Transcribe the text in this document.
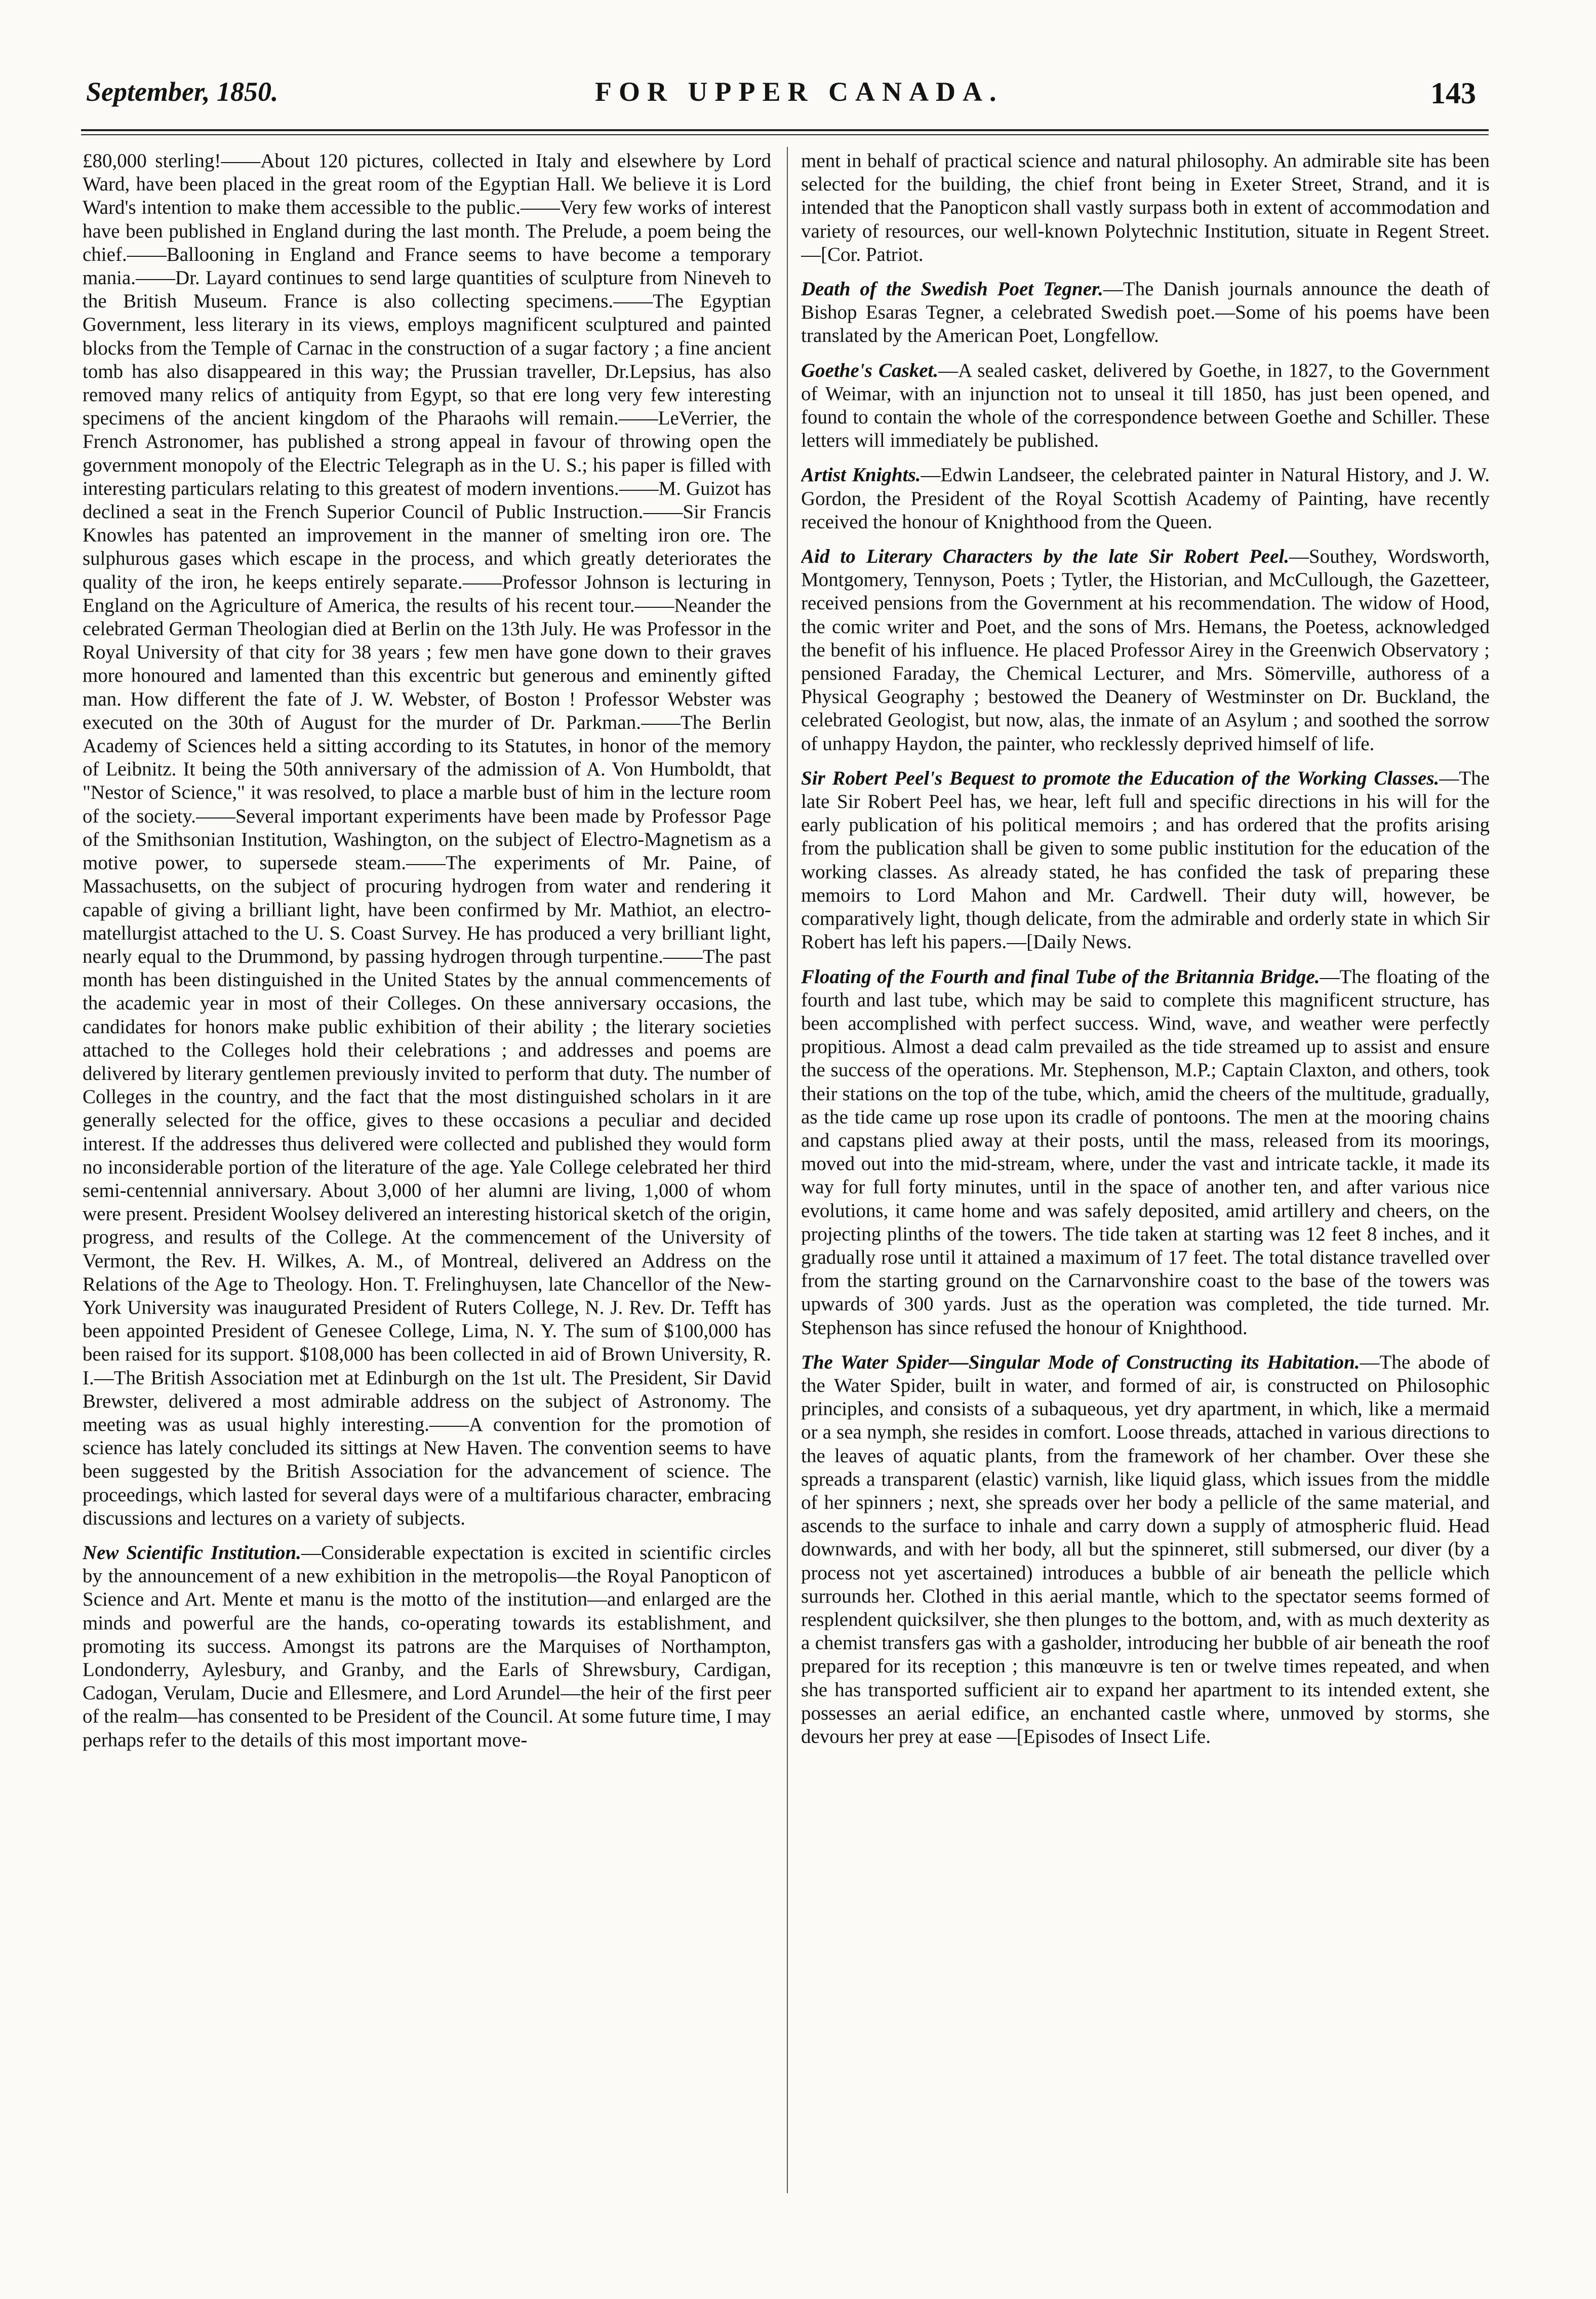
September, 1850.	FOR UPPER CANADA.	143

£80,000 sterling!——About 120 pictures, collected in Italy and elsewhere by Lord Ward, have been placed in the great room of the Egyptian Hall. We believe it is Lord Ward's intention to make them accessible to the public.——Very few works of interest have been published in England during the last month. The Prelude, a poem being the chief.——Ballooning in England and France seems to have become a temporary mania.——Dr. Layard continues to send large quantities of sculpture from Nineveh to the British Museum. France is also collecting specimens.——The Egyptian Government, less literary in its views, employs magnificent sculptured and painted blocks from the Temple of Carnac in the construction of a sugar factory ; a fine ancient tomb has also disappeared in this way; the Prussian traveller, Dr.Lepsius, has also removed many relics of antiquity from Egypt, so that ere long very few interesting specimens of the ancient kingdom of the Pharaohs will remain.——LeVerrier, the French Astronomer, has published a strong appeal in favour of throwing open the government monopoly of the Electric Telegraph as in the U. S.; his paper is filled with interesting particulars relating to this greatest of modern inventions.——M. Guizot has declined a seat in the French Superior Council of Public Instruction.——Sir Francis Knowles has patented an improvement in the manner of smelting iron ore. The sulphurous gases which escape in the process, and which greatly deteriorates the quality of the iron, he keeps entirely separate.——Professor Johnson is lecturing in England on the Agriculture of America, the results of his recent tour.——Neander the celebrated German Theologian died at Berlin on the 13th July. He was Professor in the Royal University of that city for 38 years ; few men have gone down to their graves more honoured and lamented than this excentric but generous and eminently gifted man. How different the fate of J. W. Webster, of Boston ! Professor Webster was executed on the 30th of August for the murder of Dr. Parkman.——The Berlin Academy of Sciences held a sitting according to its Statutes, in honor of the memory of Leibnitz. It being the 50th anniversary of the admission of A. Von Humboldt, that "Nestor of Science," it was resolved, to place a marble bust of him in the lecture room of the society.——Several important experiments have been made by Professor Page of the Smithsonian Institution, Washington, on the subject of Electro-Magnetism as a motive power, to supersede steam.——The experiments of Mr. Paine, of Massachusetts, on the subject of procuring hydrogen from water and rendering it capable of giving a brilliant light, have been confirmed by Mr. Mathiot, an electro-matellurgist attached to the U. S. Coast Survey. He has produced a very brilliant light, nearly equal to the Drummond, by passing hydrogen through turpentine.——The past month has been distinguished in the United States by the annual commencements of the academic year in most of their Colleges. On these anniversary occasions, the candidates for honors make public exhibition of their ability ; the literary societies attached to the Colleges hold their celebrations ; and addresses and poems are delivered by literary gentlemen previously invited to perform that duty. The number of Colleges in the country, and the fact that the most distinguished scholars in it are generally selected for the office, gives to these occasions a peculiar and decided interest. If the addresses thus delivered were collected and published they would form no inconsiderable portion of the literature of the age. Yale College celebrated her third semi-centennial anniversary. About 3,000 of her alumni are living, 1,000 of whom were present. President Woolsey delivered an interesting historical sketch of the origin, progress, and results of the College. At the commencement of the University of Vermont, the Rev. H. Wilkes, A. M., of Montreal, delivered an Address on the Relations of the Age to Theology. Hon. T. Frelinghuysen, late Chancellor of the New-York University was inaugurated President of Ruters College, N. J. Rev. Dr. Tefft has been appointed President of Genesee College, Lima, N. Y. The sum of $100,000 has been raised for its support. $108,000 has been collected in aid of Brown University, R. I.—The British Association met at Edinburgh on the 1st ult. The President, Sir David Brewster, delivered a most admirable address on the subject of Astronomy. The meeting was as usual highly interesting.——A convention for the promotion of science has lately concluded its sittings at New Haven. The convention seems to have been suggested by the British Association for the advancement of science. The proceedings, which lasted for several days were of a multifarious character, embracing discussions and lectures on a variety of subjects.

New Scientific Institution.—Considerable expectation is excited in scientific circles by the announcement of a new exhibition in the metropolis—the Royal Panopticon of Science and Art. Mente et manu is the motto of the institution—and enlarged are the minds and powerful are the hands, co-operating towards its establishment, and promoting its success. Amongst its patrons are the Marquises of Northampton, Londonderry, Aylesbury, and Granby, and the Earls of Shrewsbury, Cardigan, Cadogan, Verulam, Ducie and Ellesmere, and Lord Arundel—the heir of the first peer of the realm—has consented to be President of the Council. At some future time, I may perhaps refer to the details of this most important move-

ment in behalf of practical science and natural philosophy. An admirable site has been selected for the building, the chief front being in Exeter Street, Strand, and it is intended that the Panopticon shall vastly surpass both in extent of accommodation and variety of resources, our well-known Polytechnic Institution, situate in Regent Street.—[Cor. Patriot.

Death of the Swedish Poet Tegner.—The Danish journals announce the death of Bishop Esaras Tegner, a celebrated Swedish poet.—Some of his poems have been translated by the American Poet, Longfellow.

Goethe's Casket.—A sealed casket, delivered by Goethe, in 1827, to the Government of Weimar, with an injunction not to unseal it till 1850, has just been opened, and found to contain the whole of the correspondence between Goethe and Schiller. These letters will immediately be published.

Artist Knights.—Edwin Landseer, the celebrated painter in Natural History, and J. W. Gordon, the President of the Royal Scottish Academy of Painting, have recently received the honour of Knighthood from the Queen.

Aid to Literary Characters by the late Sir Robert Peel.—Southey, Wordsworth, Montgomery, Tennyson, Poets ; Tytler, the Historian, and McCullough, the Gazetteer, received pensions from the Government at his recommendation. The widow of Hood, the comic writer and Poet, and the sons of Mrs. Hemans, the Poetess, acknowledged the benefit of his influence. He placed Professor Airey in the Greenwich Observatory ; pensioned Faraday, the Chemical Lecturer, and Mrs. Sömerville, authoress of a Physical Geography ; bestowed the Deanery of Westminster on Dr. Buckland, the celebrated Geologist, but now, alas, the inmate of an Asylum ; and soothed the sorrow of unhappy Haydon, the painter, who recklessly deprived himself of life.

Sir Robert Peel's Bequest to promote the Education of the Working Classes.—The late Sir Robert Peel has, we hear, left full and specific directions in his will for the early publication of his political memoirs ; and has ordered that the profits arising from the publication shall be given to some public institution for the education of the working classes. As already stated, he has confided the task of preparing these memoirs to Lord Mahon and Mr. Cardwell. Their duty will, however, be comparatively light, though delicate, from the admirable and orderly state in which Sir Robert has left his papers.—[Daily News.

Floating of the Fourth and final Tube of the Britannia Bridge.—The floating of the fourth and last tube, which may be said to complete this magnificent structure, has been accomplished with perfect success. Wind, wave, and weather were perfectly propitious. Almost a dead calm prevailed as the tide streamed up to assist and ensure the success of the operations. Mr. Stephenson, M.P.; Captain Claxton, and others, took their stations on the top of the tube, which, amid the cheers of the multitude, gradually, as the tide came up rose upon its cradle of pontoons. The men at the mooring chains and capstans plied away at their posts, until the mass, released from its moorings, moved out into the mid-stream, where, under the vast and intricate tackle, it made its way for full forty minutes, until in the space of another ten, and after various nice evolutions, it came home and was safely deposited, amid artillery and cheers, on the projecting plinths of the towers. The tide taken at starting was 12 feet 8 inches, and it gradually rose until it attained a maximum of 17 feet. The total distance travelled over from the starting ground on the Carnarvonshire coast to the base of the towers was upwards of 300 yards. Just as the operation was completed, the tide turned. Mr. Stephenson has since refused the honour of Knighthood.

The Water Spider—Singular Mode of Constructing its Habitation.—The abode of the Water Spider, built in water, and formed of air, is constructed on Philosophic principles, and consists of a subaqueous, yet dry apartment, in which, like a mermaid or a sea nymph, she resides in comfort. Loose threads, attached in various directions to the leaves of aquatic plants, from the framework of her chamber. Over these she spreads a transparent (elastic) varnish, like liquid glass, which issues from the middle of her spinners ; next, she spreads over her body a pellicle of the same material, and ascends to the surface to inhale and carry down a supply of atmospheric fluid. Head downwards, and with her body, all but the spinneret, still submersed, our diver (by a process not yet ascertained) introduces a bubble of air beneath the pellicle which surrounds her. Clothed in this aerial mantle, which to the spectator seems formed of resplendent quicksilver, she then plunges to the bottom, and, with as much dexterity as a chemist transfers gas with a gasholder, introducing her bubble of air beneath the roof prepared for its reception ; this manœuvre is ten or twelve times repeated, and when she has transported sufficient air to expand her apartment to its intended extent, she possesses an aerial edifice, an enchanted castle where, unmoved by storms, she devours her prey at ease —[Episodes of Insect Life.
